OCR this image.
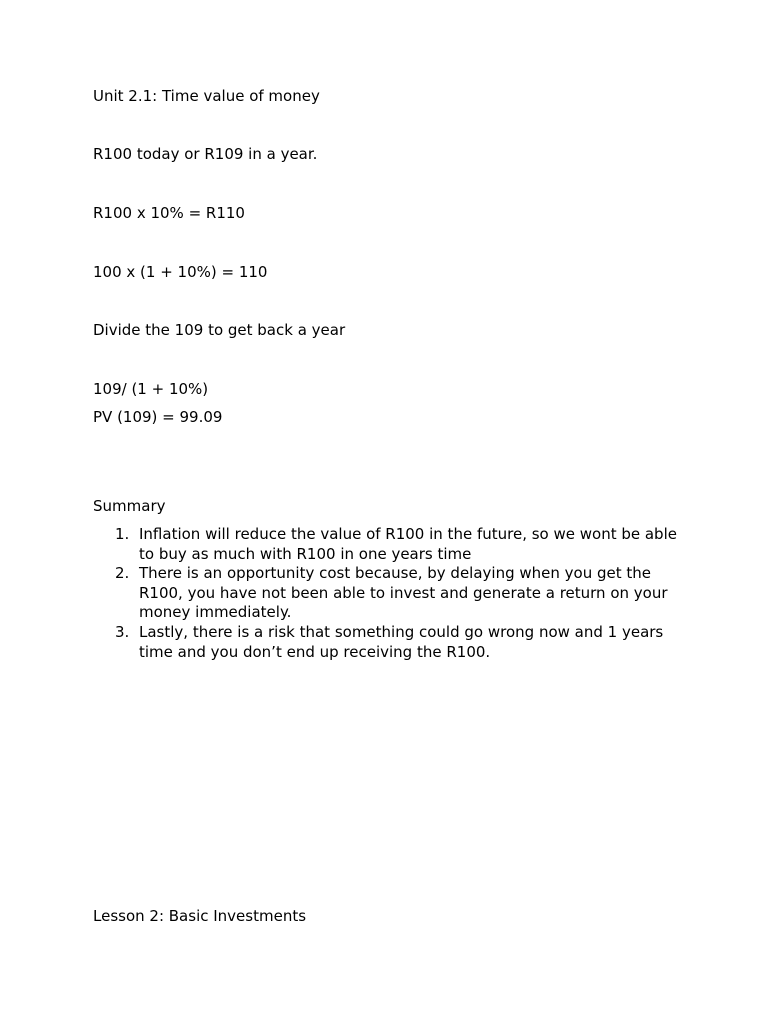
Unit 2.1: Time value of money

R100 today or R109 in a year.

R100 x 10% = R110

100 x (1 + 10%) = 110

Divide the 109 to get back a year

109/ (1 + 10%)

PV (109) = 99.09

Summary

1. Inflation will reduce the value of R100 in the future, so we wont be able to buy as much with R100 in one years time
2. There is an opportunity cost because, by delaying when you get the R100, you have not been able to invest and generate a return on your money immediately.
3. Lastly, there is a risk that something could go wrong now and 1 years time and you don’t end up receiving the R100.

Lesson 2: Basic Investments
